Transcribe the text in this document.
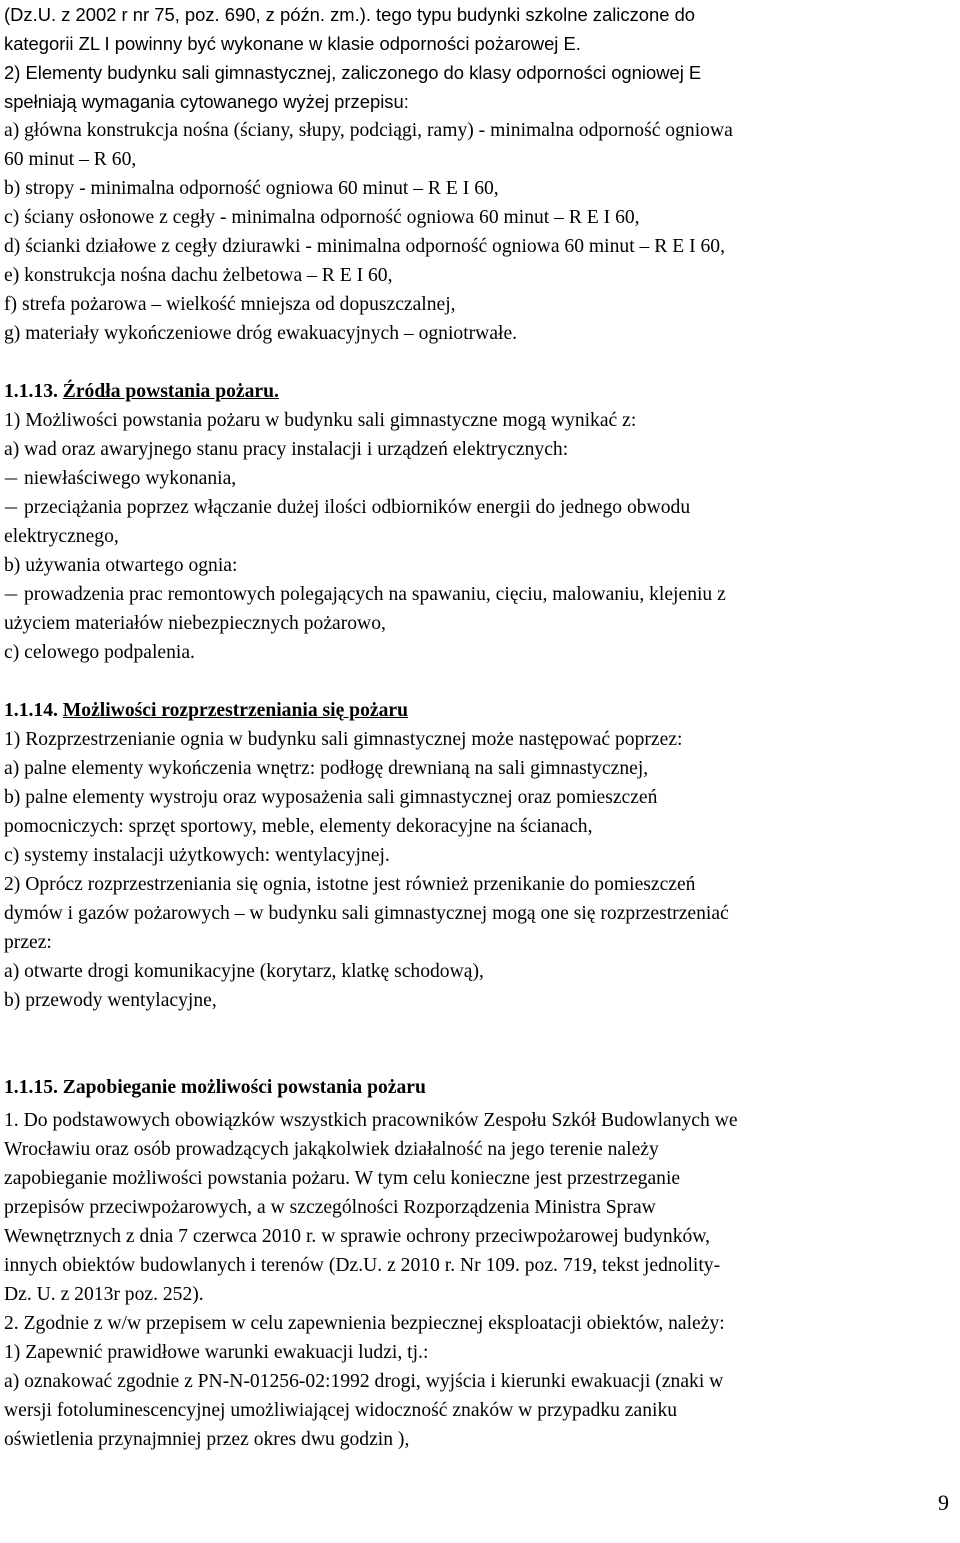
(Dz.U. z 2002 r nr 75, poz. 690, z późn. zm.). tego typu budynki szkolne zaliczone do
kategorii ZL I powinny być wykonane w klasie odporności pożarowej E.
2) Elementy budynku sali gimnastycznej, zaliczonego do klasy odporności ogniowej E
spełniają wymagania cytowanego wyżej przepisu:
a) główna konstrukcja nośna (ściany, słupy, podciągi, ramy) - minimalna odporność ogniowa
60 minut – R 60,
b) stropy - minimalna odporność ogniowa 60 minut – R E I 60,
c) ściany osłonowe z cegły - minimalna odporność ogniowa 60 minut – R E I 60,
d) ścianki działowe z cegły dziurawki - minimalna odporność ogniowa 60 minut – R E I 60,
e) konstrukcja nośna dachu żelbetowa – R E I 60,
f) strefa pożarowa – wielkość mniejsza od dopuszczalnej,
g) materiały wykończeniowe dróg ewakuacyjnych – ogniotrwałe.
1.1.13. Źródła powstania pożaru.
1) Możliwości powstania pożaru w budynku sali gimnastyczne mogą wynikać z:
a) wad oraz awaryjnego stanu pracy instalacji i urządzeń elektrycznych:
— niewłaściwego wykonania,
— przeciążania poprzez włączanie dużej ilości odbiorników energii do jednego obwodu
elektrycznego,
b) używania otwartego ognia:
— prowadzenia prac remontowych polegających na spawaniu, cięciu, malowaniu, klejeniu z
użyciem materiałów niebezpiecznych pożarowo,
c) celowego podpalenia.
1.1.14. Możliwości rozprzestrzeniania się pożaru
1) Rozprzestrzenianie ognia w budynku sali gimnastycznej może następować poprzez:
a) palne elementy wykończenia wnętrz: podłogę drewnianą na sali gimnastycznej,
b) palne elementy wystroju oraz wyposażenia sali gimnastycznej oraz pomieszczeń
pomocniczych: sprzęt sportowy, meble, elementy dekoracyjne na ścianach,
c) systemy instalacji użytkowych: wentylacyjnej.
2) Oprócz rozprzestrzeniania się ognia, istotne jest również przenikanie do pomieszczeń
dymów i gazów pożarowych – w budynku sali gimnastycznej mogą one się rozprzestrzeniać
przez:
a) otwarte drogi komunikacyjne (korytarz, klatkę schodową),
b) przewody wentylacyjne,
1.1.15. Zapobieganie możliwości powstania pożaru
1. Do podstawowych obowiązków wszystkich pracowników Zespołu Szkół Budowlanych we
Wrocławiu oraz osób prowadzących jakąkolwiek działalność na jego terenie należy
zapobieganie możliwości powstania pożaru. W tym celu konieczne jest przestrzeganie
przepisów przeciwpożarowych, a w szczególności Rozporządzenia Ministra Spraw
Wewnętrznych z dnia 7 czerwca 2010 r. w sprawie ochrony przeciwpożarowej budynków,
innych obiektów budowlanych i terenów (Dz.U. z 2010 r. Nr 109. poz. 719, tekst jednolity-
Dz. U. z 2013r poz. 252).
2. Zgodnie z w/w przepisem w celu zapewnienia bezpiecznej eksploatacji obiektów, należy:
1) Zapewnić prawidłowe warunki ewakuacji ludzi, tj.:
a) oznakować zgodnie z PN-N-01256-02:1992 drogi, wyjścia i kierunki ewakuacji (znaki w
wersji fotoluminescencyjnej umożliwiającej widoczność znaków w przypadku zaniku
oświetlenia przynajmniej przez okres dwu godzin ),
9
